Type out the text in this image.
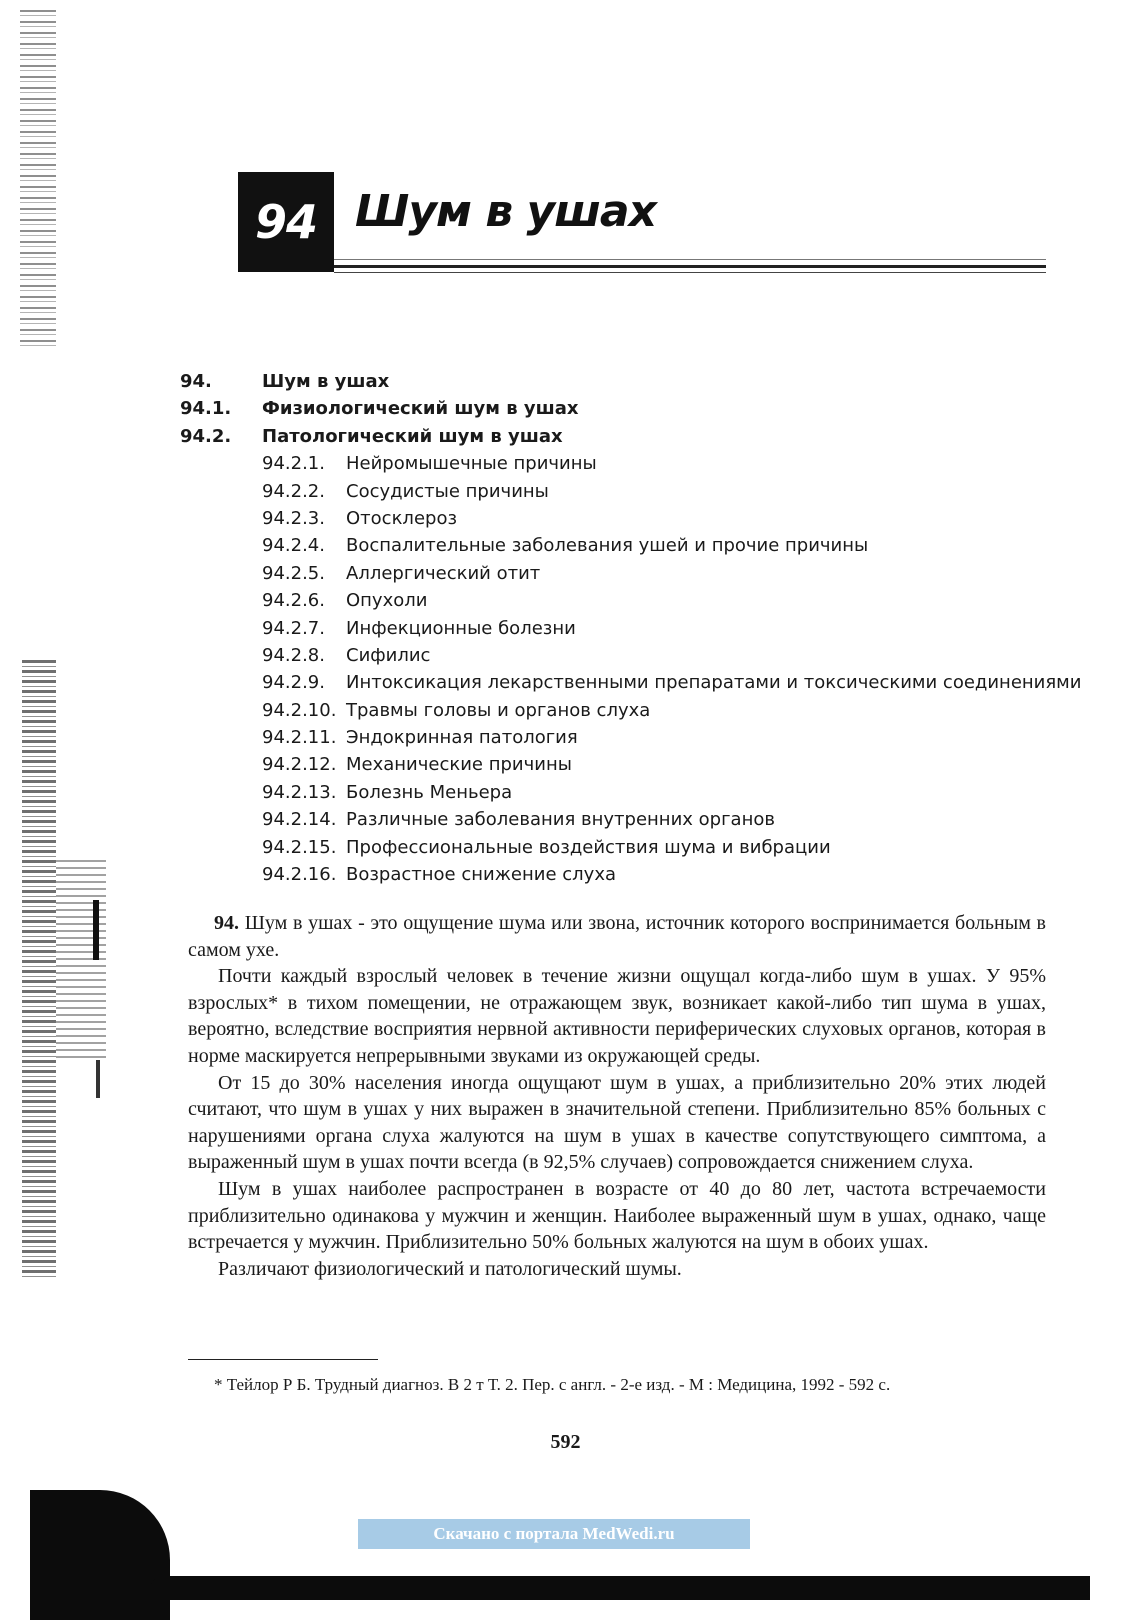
94 Шум в ушах
94.	Шум в ушах
94.1. Физиологический шум в ушах
94.2. Патологический шум в ушах
94.2.1. Нейромышечные причины
94.2.2. Сосудистые причины
94.2.3. Отосклероз
94.2.4. Воспалительные заболевания ушей и прочие причины
94.2.5. Аллергический отит
94.2.6. Опухоли
94.2.7. Инфекционные болезни
94.2.8. Сифилис
94.2.9. Интоксикация лекарственными препаратами и токсическими соединениями
94.2.10. Травмы головы и органов слуха
94.2.11. Эндокринная патология
94.2.12. Механические причины
94.2.13. Болезнь Меньера
94.2.14. Различные заболевания внутренних органов
94.2.15. Профессиональные воздействия шума и вибрации
94.2.16. Возрастное снижение слуха

94. Шум в ушах - это ощущение шума или звона, источник которого воспринимается больным в самом ухе.

Почти каждый взрослый человек в течение жизни ощущал когда-либо шум в ушах. У 95% взрослых* в тихом помещении, не отражающем звук, возникает какой-либо тип шума в ушах, вероятно, вследствие восприятия нервной активности периферических слуховых органов, которая в норме маскируется непрерывными звуками из окружающей среды.

От 15 до 30% населения иногда ощущают шум в ушах, а приблизительно 20% этих людей считают, что шум в ушах у них выражен в значительной степени. Приблизительно 85% больных с нарушениями органа слуха жалуются на шум в ушах в качестве сопутствующего симптома, а выраженный шум в ушах почти всегда (в 92,5% случаев) сопровождается снижением слуха.

Шум в ушах наиболее распространен в возрасте от 40 до 80 лет, частота встречаемости приблизительно одинакова у мужчин и женщин. Наиболее выраженный шум в ушах, однако, чаще встречается у мужчин. Приблизительно 50% больных жалуются на шум в обоих ушах.

Различают физиологический и патологический шумы.

* Тейлор Р Б. Трудный диагноз. В 2 т Т. 2. Пер. с англ. - 2-е изд. - М : Медицина, 1992 - 592 с.
592
Скачано с портала MedWedi.ru
